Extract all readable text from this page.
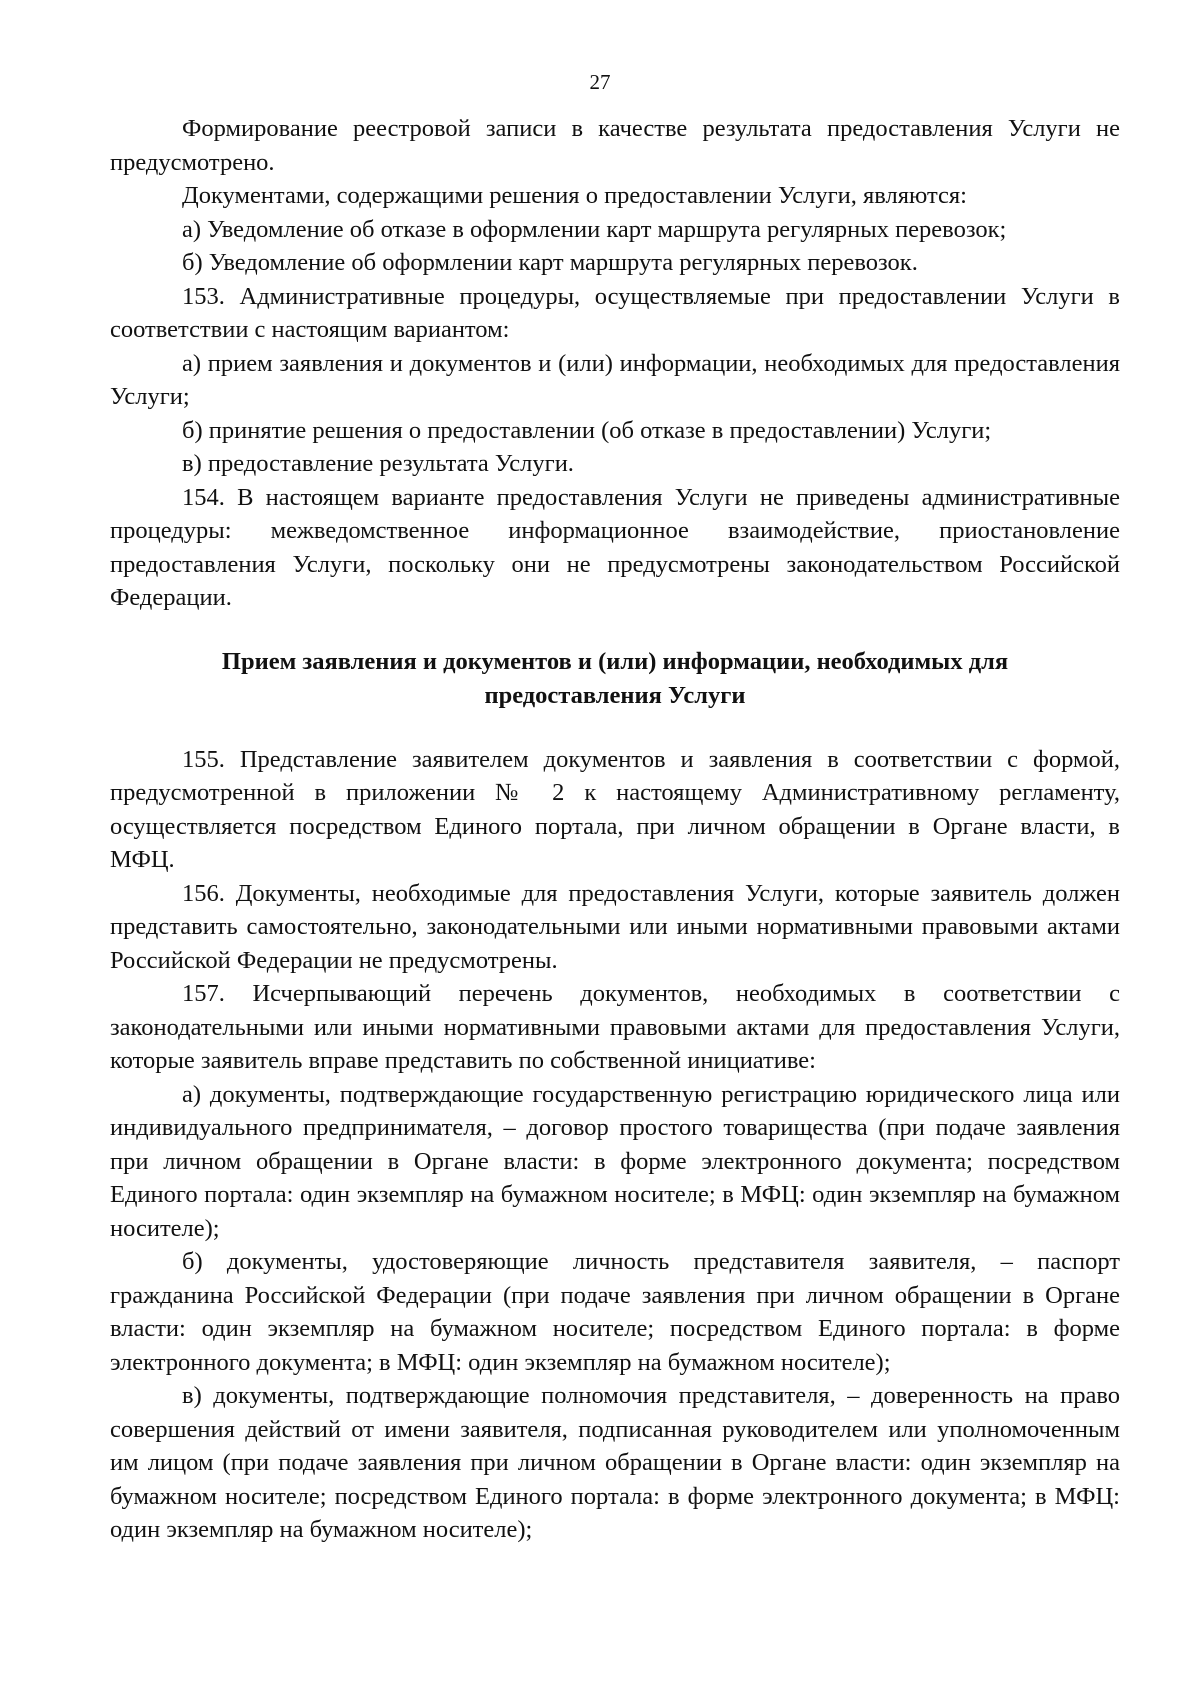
27

Формирование реестровой записи в качестве результата предоставления Услуги не предусмотрено.

Документами, содержащими решения о предоставлении Услуги, являются:

а) Уведомление об отказе в оформлении карт маршрута регулярных перевозок;

б) Уведомление об оформлении карт маршрута регулярных перевозок.

153. Административные процедуры, осуществляемые при предоставлении Услуги в соответствии с настоящим вариантом:

а) прием заявления и документов и (или) информации, необходимых для предоставления Услуги;

б) принятие решения о предоставлении (об отказе в предоставлении) Услуги;

в) предоставление результата Услуги.

154. В настоящем варианте предоставления Услуги не приведены административные процедуры: межведомственное информационное взаимодействие, приостановление предоставления Услуги, поскольку они не предусмотрены законодательством Российской Федерации.

Прием заявления и документов и (или) информации, необходимых для
предоставления Услуги

155. Представление заявителем документов и заявления в соответствии с формой, предусмотренной в приложении № 2 к настоящему Административному регламенту, осуществляется посредством Единого портала, при личном обращении в Органе власти, в МФЦ.

156. Документы, необходимые для предоставления Услуги, которые заявитель должен представить самостоятельно, законодательными или иными нормативными правовыми актами Российской Федерации не предусмотрены.

157. Исчерпывающий перечень документов, необходимых в соответствии с законодательными или иными нормативными правовыми актами для предоставления Услуги, которые заявитель вправе представить по собственной инициативе:

а) документы, подтверждающие государственную регистрацию юридического лица или индивидуального предпринимателя, – договор простого товарищества (при подаче заявления при личном обращении в Органе власти: в форме электронного документа; посредством Единого портала: один экземпляр на бумажном носителе; в МФЦ: один экземпляр на бумажном носителе);

б) документы, удостоверяющие личность представителя заявителя, – паспорт гражданина Российской Федерации (при подаче заявления при личном обращении в Органе власти: один экземпляр на бумажном носителе; посредством Единого портала: в форме электронного документа; в МФЦ: один экземпляр на бумажном носителе);

в) документы, подтверждающие полномочия представителя, – доверенность на право совершения действий от имени заявителя, подписанная руководителем или уполномоченным им лицом (при подаче заявления при личном обращении в Органе власти: один экземпляр на бумажном носителе; посредством Единого портала: в форме электронного документа; в МФЦ: один экземпляр на бумажном носителе);
